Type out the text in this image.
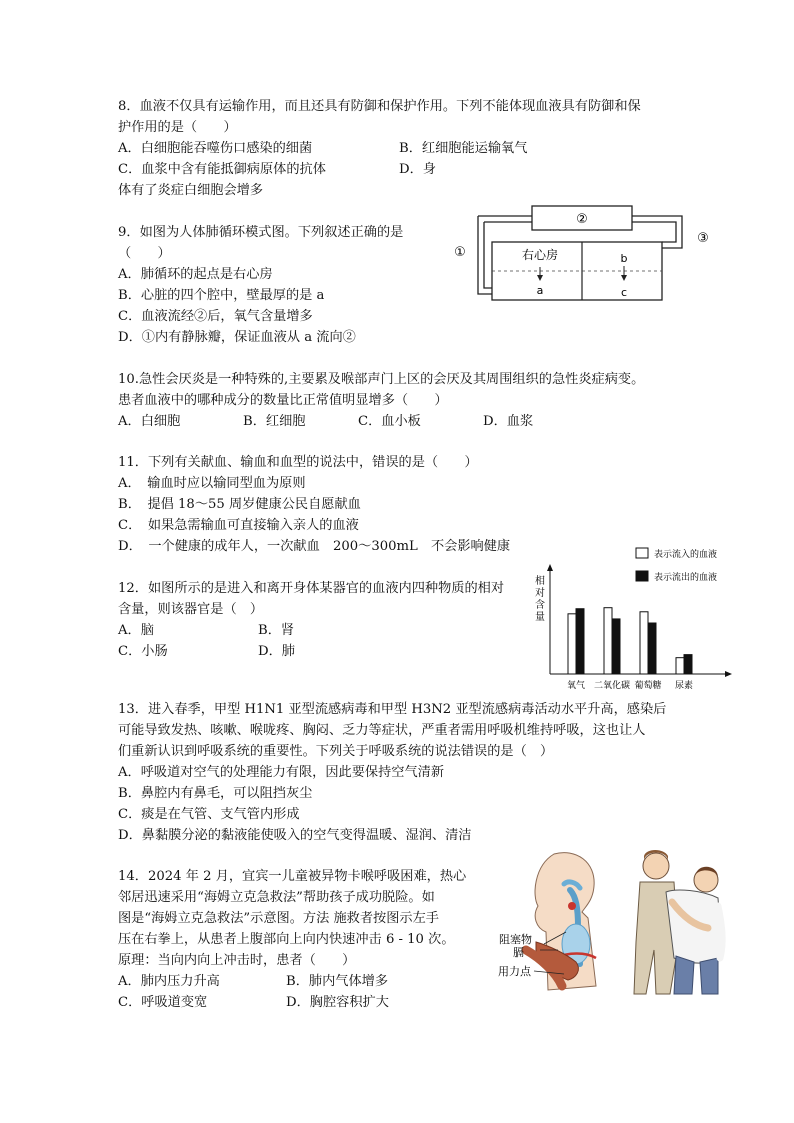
8．血液不仅具有运输作用，而且还具有防御和保护作用。下列不能体现血液具有防御和保
护作用的是（　　）
A．白细胞能吞噬伤口感染的细菌	B．红细胞能运输氧气
C．血浆中含有能抵御病原体的抗体	D．身
体有了炎症白细胞会增多
9．如图为人体肺循环模式图。下列叙述正确的是
（　　）
A．肺循环的起点是右心房
B．心脏的四个腔中，壁最厚的是 a
C．血液流经②后，氧气含量增多
D．①内有静脉瓣，保证血液从 a 流向②
②
①
③
右心房
a
b
c
10.急性会厌炎是一种特殊的,主要累及喉部声门上区的会厌及其周围组织的急性炎症病变。
患者血液中的哪种成分的数量比正常值明显增多（　　）
A．白细胞	B．红细胞	C．血小板	D．血浆
11．下列有关献血、输血和血型的说法中，错误的是（　　）
A．　输血时应以输同型血为原则
B．　提倡 18～55 周岁健康公民自愿献血
C．　如果急需输血可直接输入亲人的血液
D．　一个健康的成年人，一次献血　200～300mL　不会影响健康
12．如图所示的是进入和离开身体某器官的血液内四种物质的相对
含量，则该器官是（　）
A．脑	B．肾
C．小肠	D．肺
表示流入的血液
表示流出的血液
相
对
含
量
氧气 二氧化碳 葡萄糖 尿素
13．进入春季，甲型 H1N1 亚型流感病毒和甲型 H3N2 亚型流感病毒活动水平升高，感染后
可能导致发热、咳嗽、喉咙疼、胸闷、乏力等症状，严重者需用呼吸机维持呼吸，这也让人
们重新认识到呼吸系统的重要性。下列关于呼吸系统的说法错误的是（　）
A．呼吸道对空气的处理能力有限，因此要保持空气清新
B．鼻腔内有鼻毛，可以阻挡灰尘
C．痰是在气管、支气管内形成
D．鼻黏膜分泌的黏液能使吸入的空气变得温暖、湿润、清洁
14．2024 年 2 月，宜宾一儿童被异物卡喉呼吸困难，热心
邻居迅速采用“海姆立克急救法”帮助孩子成功脱险。如
图是“海姆立克急救法”示意图。方法 施救者按图示左手
压在右拳上，从患者上腹部向上向内快速冲击 6 - 10 次。
原理：当向内向上冲击时，患者（　　）
A．肺内压力升高	B．肺内气体增多
C．呼吸道变宽	D．胸腔容积扩大
阻塞物
膈
用力点
